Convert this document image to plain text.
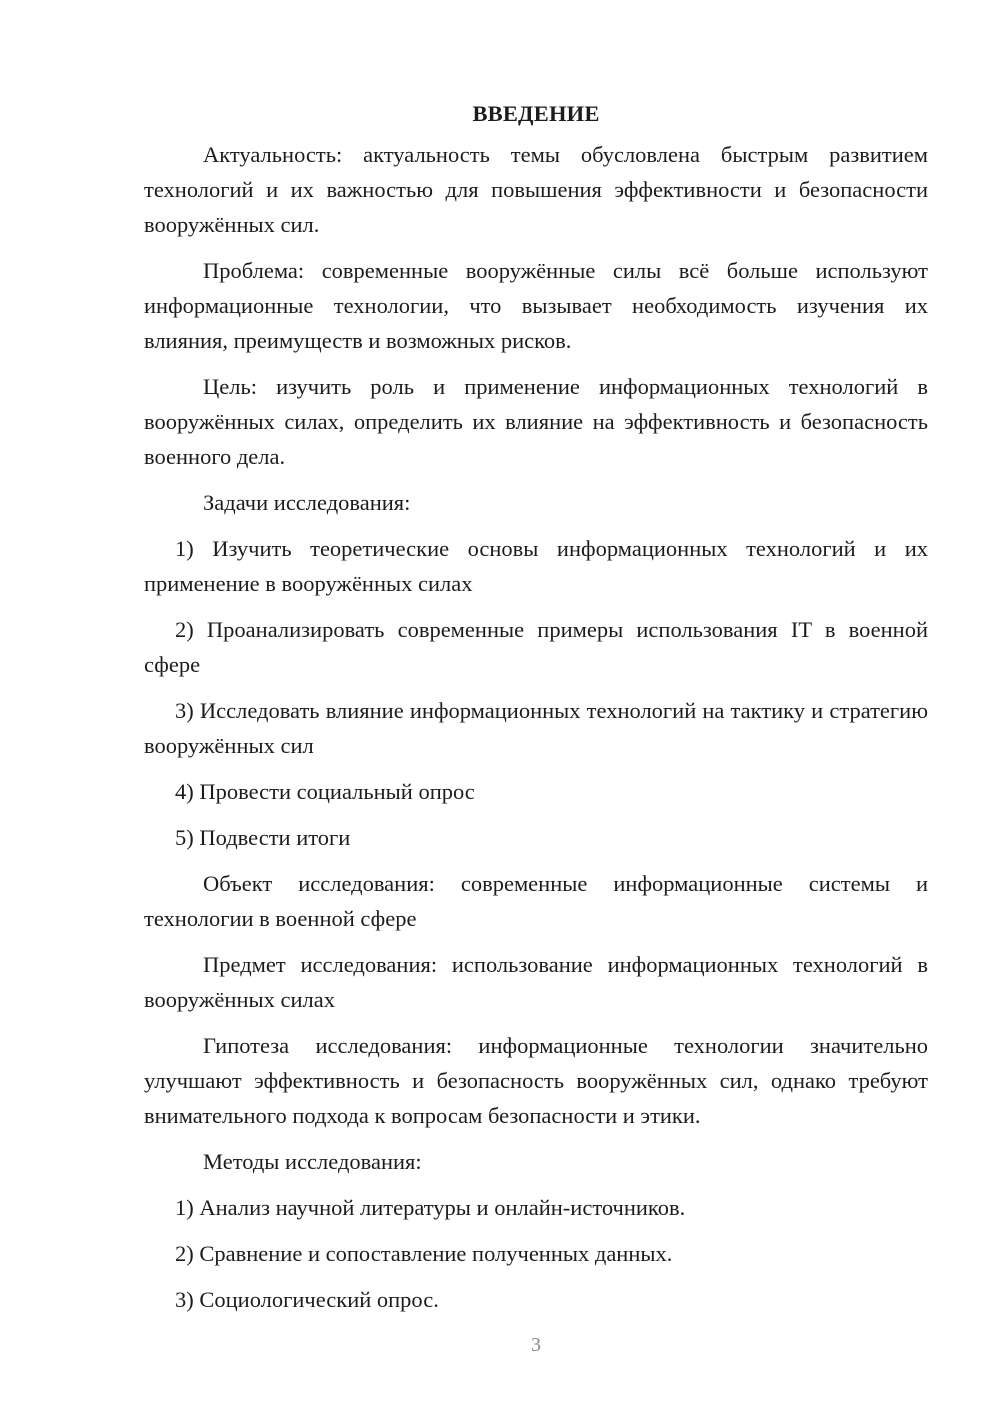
ВВЕДЕНИЕ

Актуальность: актуальность темы обусловлена быстрым развитием технологий и их важностью для повышения эффективности и безопасности вооружённых сил.

Проблема: современные вооружённые силы всё больше используют информационные технологии, что вызывает необходимость изучения их влияния, преимуществ и возможных рисков.

Цель: изучить роль и применение информационных технологий в вооружённых силах, определить их влияние на эффективность и безопасность военного дела.

Задачи исследования:

1) Изучить теоретические основы информационных технологий и их применение в вооружённых силах

2) Проанализировать современные примеры использования IT в военной сфере

3) Исследовать влияние информационных технологий на тактику и стратегию вооружённых сил

4) Провести социальный опрос

5) Подвести итоги

Объект исследования: современные информационные системы и технологии в военной сфере

Предмет исследования: использование информационных технологий в вооружённых силах

Гипотеза исследования: информационные технологии значительно улучшают эффективность и безопасность вооружённых сил, однако требуют внимательного подхода к вопросам безопасности и этики.

Методы исследования:

1) Анализ научной литературы и онлайн-источников.

2) Сравнение и сопоставление полученных данных.

3) Социологический опрос.

3
